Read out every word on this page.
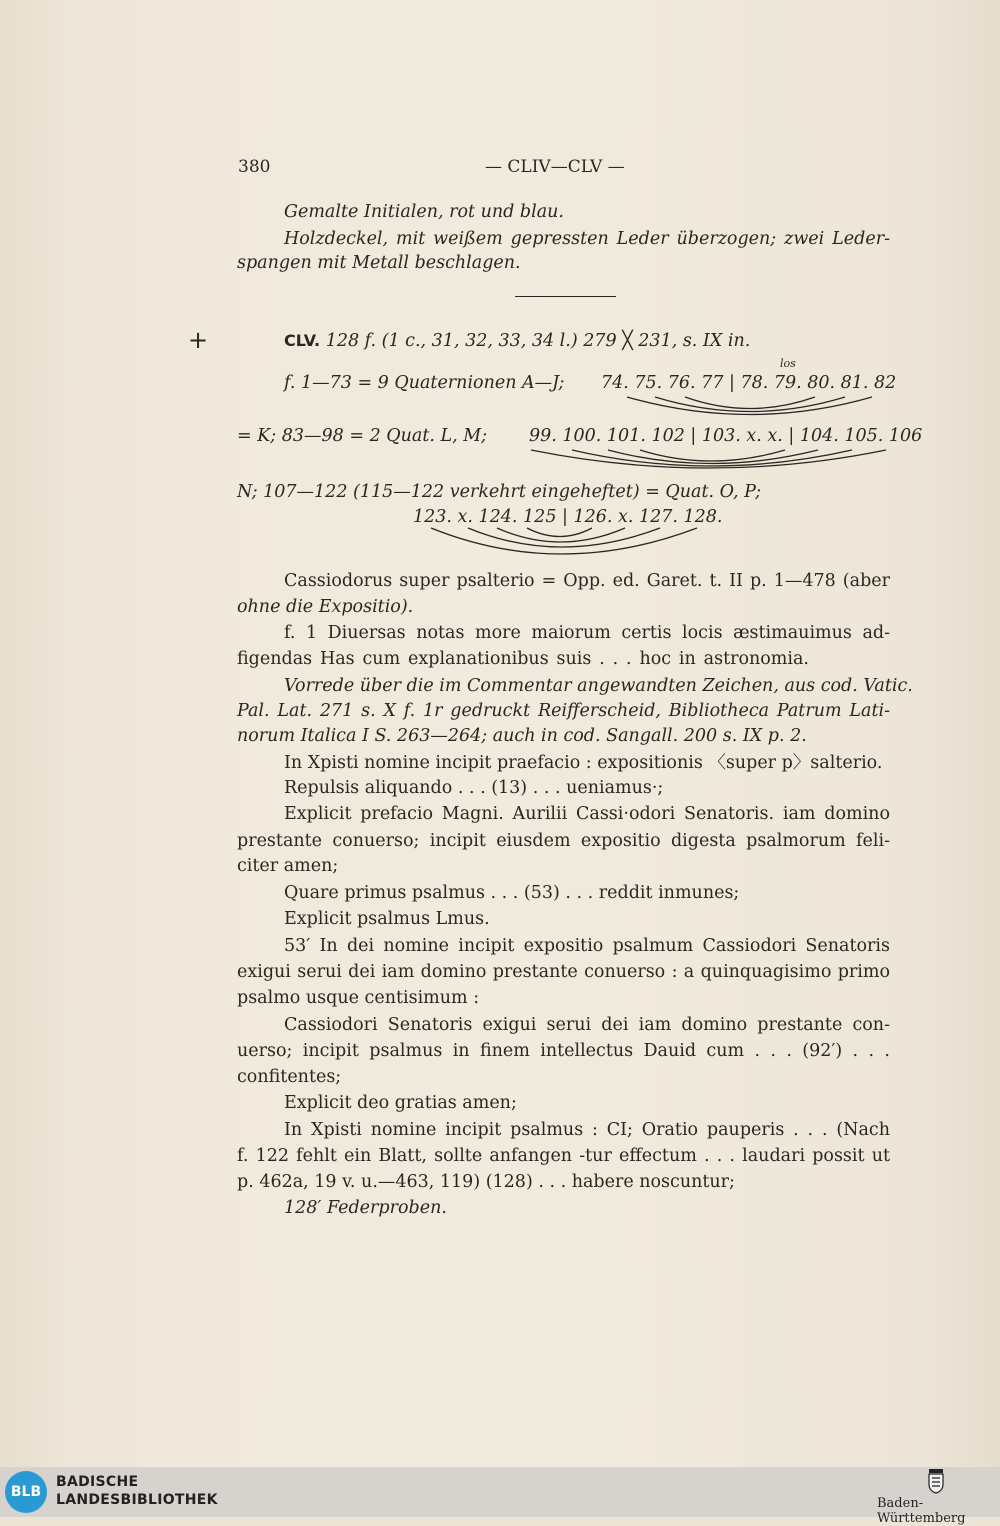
380	— CLIV—CLV —
Gemalte Initialen, rot und blau.
Holzdeckel, mit weißem gepressten Leder überzogen; zwei Leder-
spangen mit Metall beschlagen.
+	CLV. 128 f. (1 c., 31, 32, 33, 34 l.) 279 ╳ 231, s. IX in.
los
f. 1—73 = 9 Quaternionen A—J; 74. 75. 76. 77 | 78. 79. 80. 81. 82
= K; 83—98 = 2 Quat. L, M; 99. 100. 101. 102 | 103. x. x. | 104. 105. 106
N; 107—122 (115—122 verkehrt eingeheftet) = Quat. O, P;
123. x. 124. 125 | 126. x. 127. 128.
Cassiodorus super psalterio = Opp. ed. Garet. t. II p. 1—478 (aber
ohne die Expositio).
f. 1 Diuersas notas more maiorum certis locis æstimauimus ad-
figendas Has cum explanationibus suis . . . hoc in astronomia.
Vorrede über die im Commentar angewandten Zeichen, aus cod. Vatic.
Pal. Lat. 271 s. X f. 1r gedruckt Reifferscheid, Bibliotheca Patrum Lati-
norum Italica I S. 263—264; auch in cod. Sangall. 200 s. IX p. 2.
In Xpisti nomine incipit praefacio : expositionis 〈super p〉salterio.
Repulsis aliquando . . . (13) . . . ueniamus·;
Explicit prefacio Magni. Aurilii Cassi·odori Senatoris. iam domino
prestante conuerso; incipit eiusdem expositio digesta psalmorum feli-
citer amen;
Quare primus psalmus . . . (53) . . . reddit inmunes;
Explicit psalmus Lmus.
53′ In dei nomine incipit expositio psalmum Cassiodori Senatoris
exigui serui dei iam domino prestante conuerso : a quinquagisimo primo
psalmo usque centisimum :
Cassiodori Senatoris exigui serui dei iam domino prestante con-
uerso; incipit psalmus in finem intellectus Dauid cum . . . (92′) . . .
confitentes;
Explicit deo gratias amen;
In Xpisti nomine incipit psalmus : CI; Oratio pauperis . . . (Nach
f. 122 fehlt ein Blatt, sollte anfangen -tur effectum . . . laudari possit ut
p. 462a, 19 v. u.—463, 119) (128) . . . habere noscuntur;
128′ Federproben.
BLB
BADISCHE
LANDESBIBLIOTHEK	Baden-Württemberg
